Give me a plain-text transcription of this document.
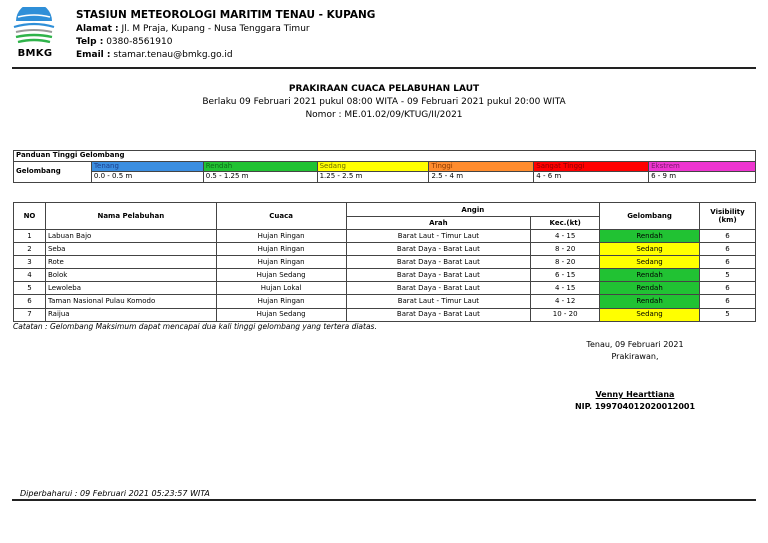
BMKG
STASIUN METEOROLOGI MARITIM TENAU - KUPANG
Alamat : Jl. M Praja, Kupang - Nusa Tenggara Timur
Telp : 0380-8561910
Email : stamar.tenau@bmkg.go.id
PRAKIRAAN CUACA PELABUHAN LAUT
Berlaku 09 Februari 2021 pukul 08:00 WITA - 09 Februari 2021 pukul 20:00 WITA
Nomor : ME.01.02/09/KTUG/II/2021
Panduan Tinggi Gelombang						
Gelombang	Tenang	Rendah	Sedang	Tinggi	Sangat Tinggi	Ekstrem
	0.0 - 0.5 m	0.5 - 1.25 m	1.25 - 2.5 m	2.5 - 4 m	4 - 6 m	6 - 9 m
NO	Nama Pelabuhan	Cuaca	Angin		Gelombang	Visibility (km)
			Arah	Kec.(kt)		
1	Labuan Bajo	Hujan Ringan	Barat Laut - Timur Laut	4 - 15	Rendah	6
2	Seba	Hujan Ringan	Barat Daya - Barat Laut	8 - 20	Sedang	6
3	Rote	Hujan Ringan	Barat Daya - Barat Laut	8 - 20	Sedang	6
4	Bolok	Hujan Sedang	Barat Daya - Barat Laut	6 - 15	Rendah	5
5	Lewoleba	Hujan Lokal	Barat Daya - Barat Laut	4 - 15	Rendah	6
6	Taman Nasional Pulau Komodo	Hujan Ringan	Barat Laut - Timur Laut	4 - 12	Rendah	6
7	Raijua	Hujan Sedang	Barat Daya - Barat Laut	10 - 20	Sedang	5
Catatan : Gelombang Maksimum dapat mencapai dua kali tinggi gelombang yang tertera diatas.
Tenau, 09 Februari 2021
Prakirawan,
Venny Hearttiana
NIP. 199704012020012001
Diperbaharui : 09 Februari 2021 05:23:57 WITA
